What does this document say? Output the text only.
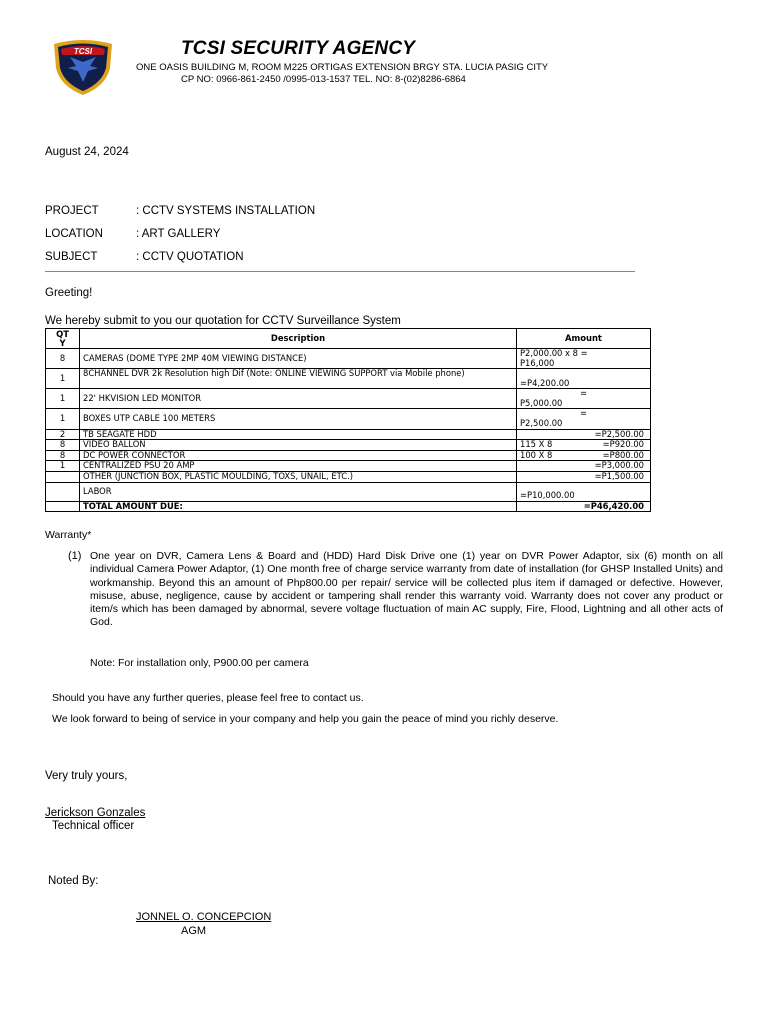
TCSI	TCSI SECURITY AGENCY
ONE OASIS BUILDING M, ROOM M225 ORTIGAS EXTENSION BRGY STA. LUCIA PASIG CITY
CP NO: 0966-861-2450 /0995-013-1537 TEL. NO: 8-(02)8286-6864
August 24, 2024
PROJECT	: CCTV SYSTEMS INSTALLATION
LOCATION	: ART GALLERY
SUBJECT	: CCTV QUOTATION
Greeting!
We hereby submit to you our quotation for CCTV Surveillance System
QT Y	Description	Amount
8	CAMERAS (DOME TYPE 2MP 40M VIEWING DISTANCE)	P2,000.00 x 8 =
P16,000

1	8CHANNEL DVR 2k Resolution high Dif (Note: ONLINE VIEWING SUPPORT via Mobile phone)	=P4,200.00
1	22' HKVISION LED MONITOR	=
P5,000.00

1	BOXES UTP CABLE 100 METERS	=
P2,500.00

2	TB SEAGATE HDD	=P2,500.00
8	VIDEO BALLON	115 X 8 =P920.00

8	DC POWER CONNECTOR	100 X 8 =P800.00

1	CENTRALIZED PSU 20 AMP	=P3,000.00
	OTHER (JUNCTION BOX, PLASTIC MOULDING, TOXS, UNAIL, ETC.)	=P1,500.00
	LABOR	=P10,000.00
	TOTAL AMOUNT DUE:	=P46,420.00
Warranty*
(1) One year on DVR, Camera Lens & Board and (HDD) Hard Disk Drive one (1) year on DVR Power Adaptor, six (6) month on all individual Camera Power Adaptor, (1) One month free of charge service warranty from date of installation (for GHSP Installed Units) and workmanship. Beyond this an amount of Php800.00 per repair/ service will be collected plus item if damaged or defective. However, misuse, abuse, negligence, cause by accident or tampering shall render this warranty void. Warranty does not cover any product or item/s which has been damaged by abnormal, severe voltage fluctuation of main AC supply, Fire, Flood, Lightning and all other acts of God.
Note: For installation only, P900.00 per camera
Should you have any further queries, please feel free to contact us.
We look forward to being of service in your company and help you gain the peace of mind you richly deserve.
Very truly yours,
Jerickson Gonzales
Technical officer
Noted By:
JONNEL O. CONCEPCION
AGM
